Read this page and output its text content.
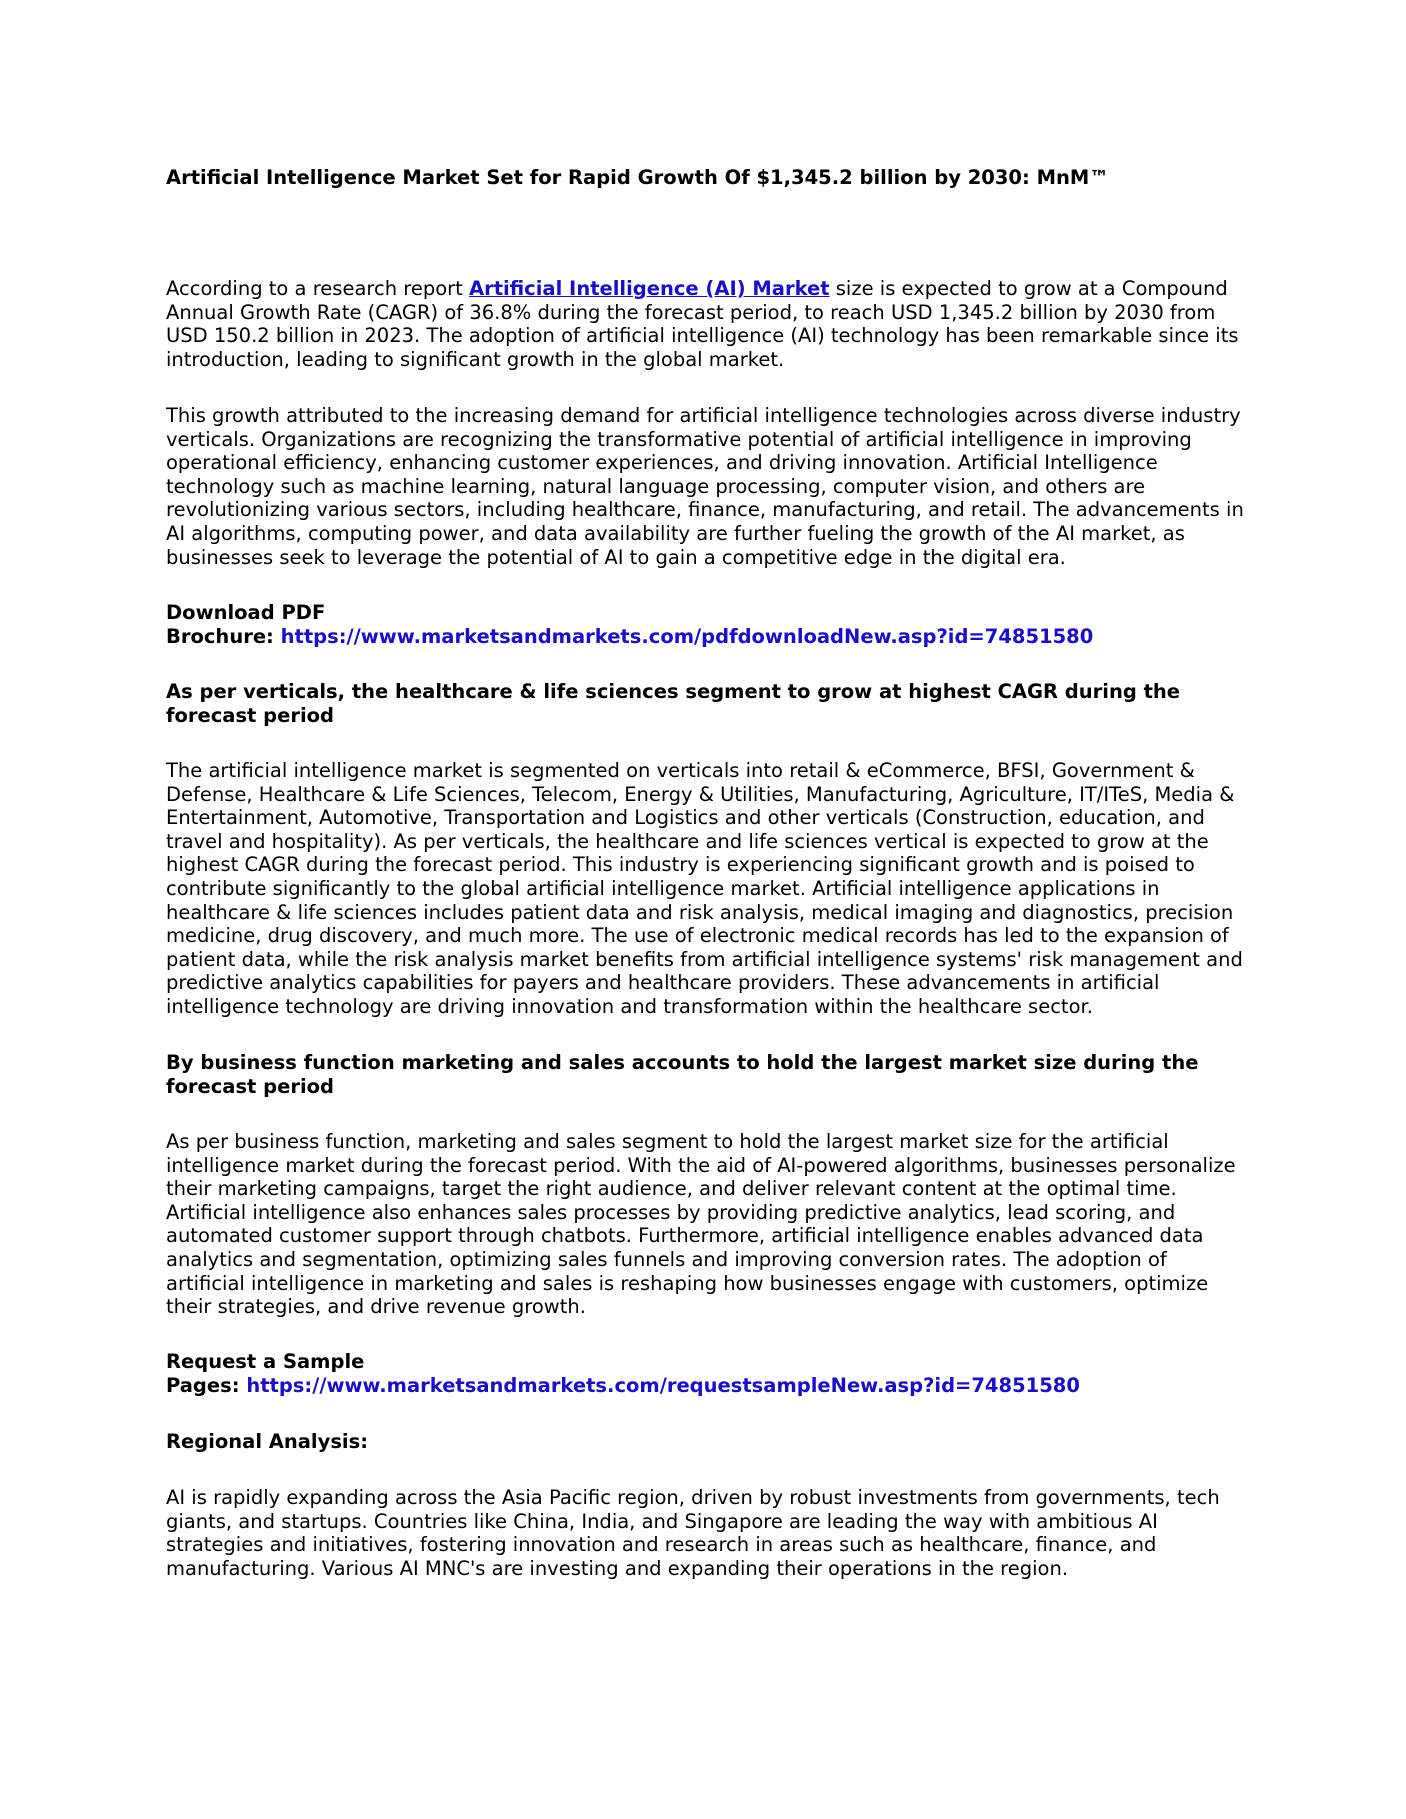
Artificial Intelligence Market Set for Rapid Growth Of $1,345.2 billion by 2030: MnM™

According to a research report Artificial Intelligence (AI) Market size is expected to grow at a Compound Annual Growth Rate (CAGR) of 36.8% during the forecast period, to reach USD 1,345.2 billion by 2030 from USD 150.2 billion in 2023. The adoption of artificial intelligence (AI) technology has been remarkable since its introduction, leading to significant growth in the global market.

This growth attributed to the increasing demand for artificial intelligence technologies across diverse industry verticals. Organizations are recognizing the transformative potential of artificial intelligence in improving operational efficiency, enhancing customer experiences, and driving innovation. Artificial Intelligence technology such as machine learning, natural language processing, computer vision, and others are revolutionizing various sectors, including healthcare, finance, manufacturing, and retail. The advancements in AI algorithms, computing power, and data availability are further fueling the growth of the AI market, as businesses seek to leverage the potential of AI to gain a competitive edge in the digital era.

Download PDF
Brochure: https://www.marketsandmarkets.com/pdfdownloadNew.asp?id=74851580

As per verticals, the healthcare & life sciences segment to grow at highest CAGR during the forecast period

The artificial intelligence market is segmented on verticals into retail & eCommerce, BFSI, Government & Defense, Healthcare & Life Sciences, Telecom, Energy & Utilities, Manufacturing, Agriculture, IT/ITeS, Media & Entertainment, Automotive, Transportation and Logistics and other verticals (Construction, education, and travel and hospitality). As per verticals, the healthcare and life sciences vertical is expected to grow at the highest CAGR during the forecast period. This industry is experiencing significant growth and is poised to contribute significantly to the global artificial intelligence market. Artificial intelligence applications in healthcare & life sciences includes patient data and risk analysis, medical imaging and diagnostics, precision medicine, drug discovery, and much more. The use of electronic medical records has led to the expansion of patient data, while the risk analysis market benefits from artificial intelligence systems' risk management and predictive analytics capabilities for payers and healthcare providers. These advancements in artificial intelligence technology are driving innovation and transformation within the healthcare sector.

By business function marketing and sales accounts to hold the largest market size during the forecast period

As per business function, marketing and sales segment to hold the largest market size for the artificial intelligence market during the forecast period. With the aid of AI-powered algorithms, businesses personalize their marketing campaigns, target the right audience, and deliver relevant content at the optimal time. Artificial intelligence also enhances sales processes by providing predictive analytics, lead scoring, and automated customer support through chatbots. Furthermore, artificial intelligence enables advanced data analytics and segmentation, optimizing sales funnels and improving conversion rates. The adoption of artificial intelligence in marketing and sales is reshaping how businesses engage with customers, optimize their strategies, and drive revenue growth.

Request a Sample
Pages: https://www.marketsandmarkets.com/requestsampleNew.asp?id=74851580

Regional Analysis:

AI is rapidly expanding across the Asia Pacific region, driven by robust investments from governments, tech giants, and startups. Countries like China, India, and Singapore are leading the way with ambitious AI strategies and initiatives, fostering innovation and research in areas such as healthcare, finance, and manufacturing. Various AI MNC's are investing and expanding their operations in the region.
